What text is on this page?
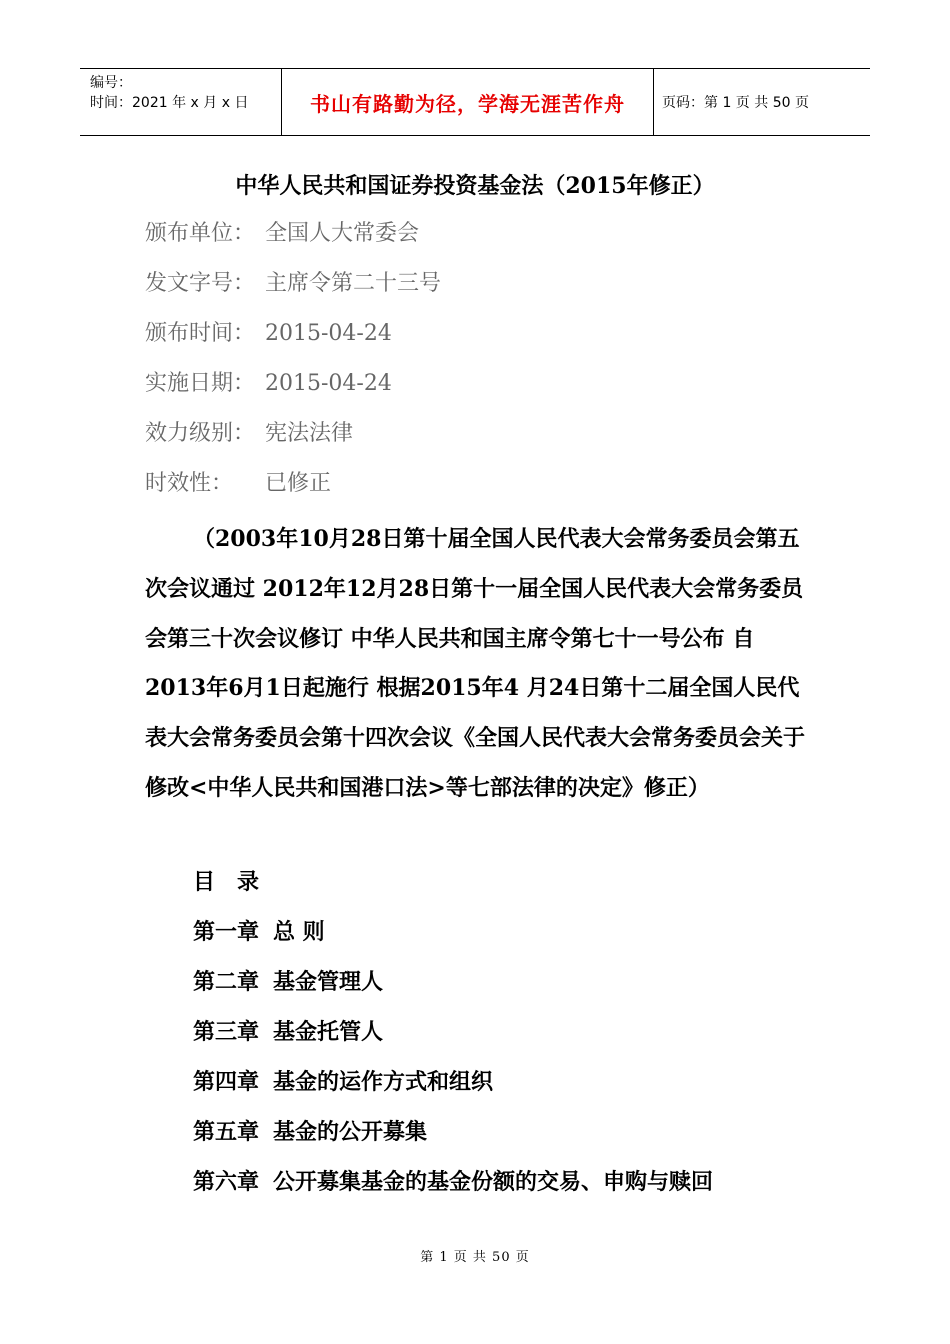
编号：
时间：2021 年 x 月 x 日	书山有路勤为径，学海无涯苦作舟	页码：第 1 页 共 50 页
中华人民共和国证券投资基金法（2015年修正）
颁布单位： 全国人大常委会
发文字号： 主席令第二十三号
颁布时间： 2015-04-24
实施日期： 2015-04-24
效力级别： 宪法法律
时效性： 已修正

（2003年10月28日第十届全国人民代表大会常务委员会第五次会议通过 2012年12月28日第十一届全国人民代表大会常务委员会第三十次会议修订 中华人民共和国主席令第七十一号公布 自2013年6月1日起施行 根据2015年4 月24日第十二届全国人民代表大会常务委员会第十四次会议《全国人民代表大会常务委员会关于修改<中华人民共和国港口法>等七部法律的决定》修正）

目　录
第一章 总 则
第二章 基金管理人
第三章 基金托管人
第四章 基金的运作方式和组织
第五章 基金的公开募集
第六章 公开募集基金的基金份额的交易、申购与赎回
第 1 页 共 50 页
